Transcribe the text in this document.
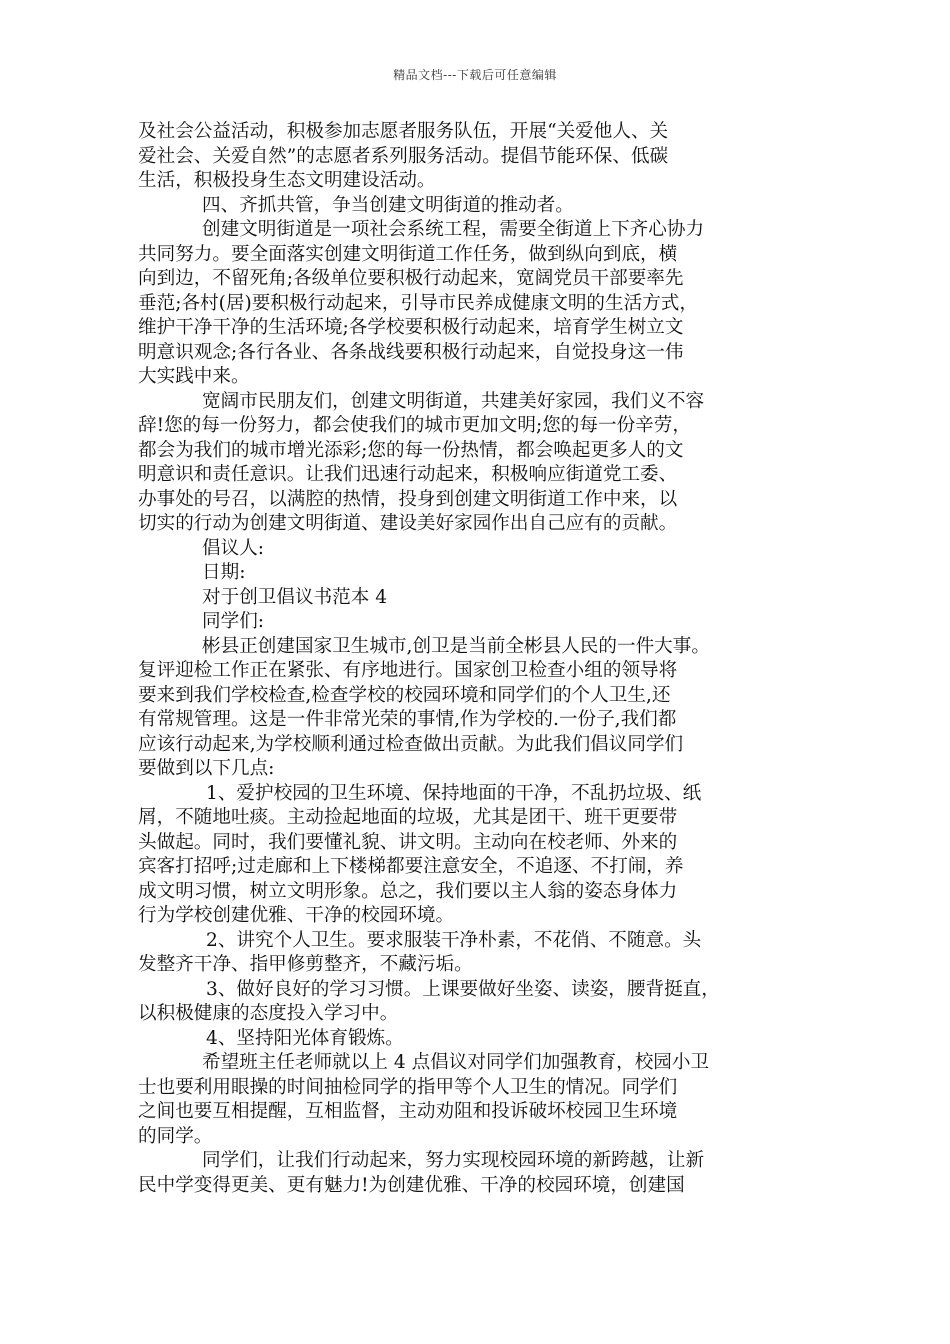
精品文档---下载后可任意编辑
及社会公益活动，积极参加志愿者服务队伍，开展“关爱他人、关
爱社会、关爱自然”的志愿者系列服务活动。提倡节能环保、低碳
生活，积极投身生态文明建设活动。
四、齐抓共管，争当创建文明街道的推动者。
创建文明街道是一项社会系统工程，需要全街道上下齐心协力
共同努力。要全面落实创建文明街道工作任务，做到纵向到底，横
向到边，不留死角;各级单位要积极行动起来，宽阔党员干部要率先
垂范;各村(居)要积极行动起来，引导市民养成健康文明的生活方式，
维护干净干净的生活环境;各学校要积极行动起来，培育学生树立文
明意识观念;各行各业、各条战线要积极行动起来，自觉投身这一伟
大实践中来。
宽阔市民朋友们，创建文明街道，共建美好家园，我们义不容
辞!您的每一份努力，都会使我们的城市更加文明;您的每一份辛劳，
都会为我们的城市增光添彩;您的每一份热情，都会唤起更多人的文
明意识和责任意识。让我们迅速行动起来，积极响应街道党工委、
办事处的号召，以满腔的热情，投身到创建文明街道工作中来，以
切实的行动为创建文明街道、建设美好家园作出自己应有的贡献。
倡议人:
日期:
对于创卫倡议书范本 4
同学们:
彬县正创建国家卫生城市,创卫是当前全彬县人民的一件大事。
复评迎检工作正在紧张、有序地进行。国家创卫检查小组的领导将
要来到我们学校检查,检查学校的校园环境和同学们的个人卫生,还
有常规管理。这是一件非常光荣的事情,作为学校的.一份子,我们都
应该行动起来,为学校顺利通过检查做出贡献。为此我们倡议同学们
要做到以下几点:
1、爱护校园的卫生环境、保持地面的干净，不乱扔垃圾、纸
屑，不随地吐痰。主动捡起地面的垃圾，尤其是团干、班干更要带
头做起。同时，我们要懂礼貌、讲文明。主动向在校老师、外来的
宾客打招呼;过走廊和上下楼梯都要注意安全，不追逐、不打闹，养
成文明习惯，树立文明形象。总之，我们要以主人翁的姿态身体力
行为学校创建优雅、干净的校园环境。
2、讲究个人卫生。要求服装干净朴素，不花俏、不随意。头
发整齐干净、指甲修剪整齐，不藏污垢。
3、做好良好的学习习惯。上课要做好坐姿、读姿，腰背挺直，
以积极健康的态度投入学习中。
4、坚持阳光体育锻炼。
希望班主任老师就以上 4 点倡议对同学们加强教育，校园小卫
士也要利用眼操的时间抽检同学的指甲等个人卫生的情况。同学们
之间也要互相提醒，互相监督，主动劝阻和投诉破坏校园卫生环境
的同学。
同学们，让我们行动起来，努力实现校园环境的新跨越，让新
民中学变得更美、更有魅力!为创建优雅、干净的校园环境，创建国
